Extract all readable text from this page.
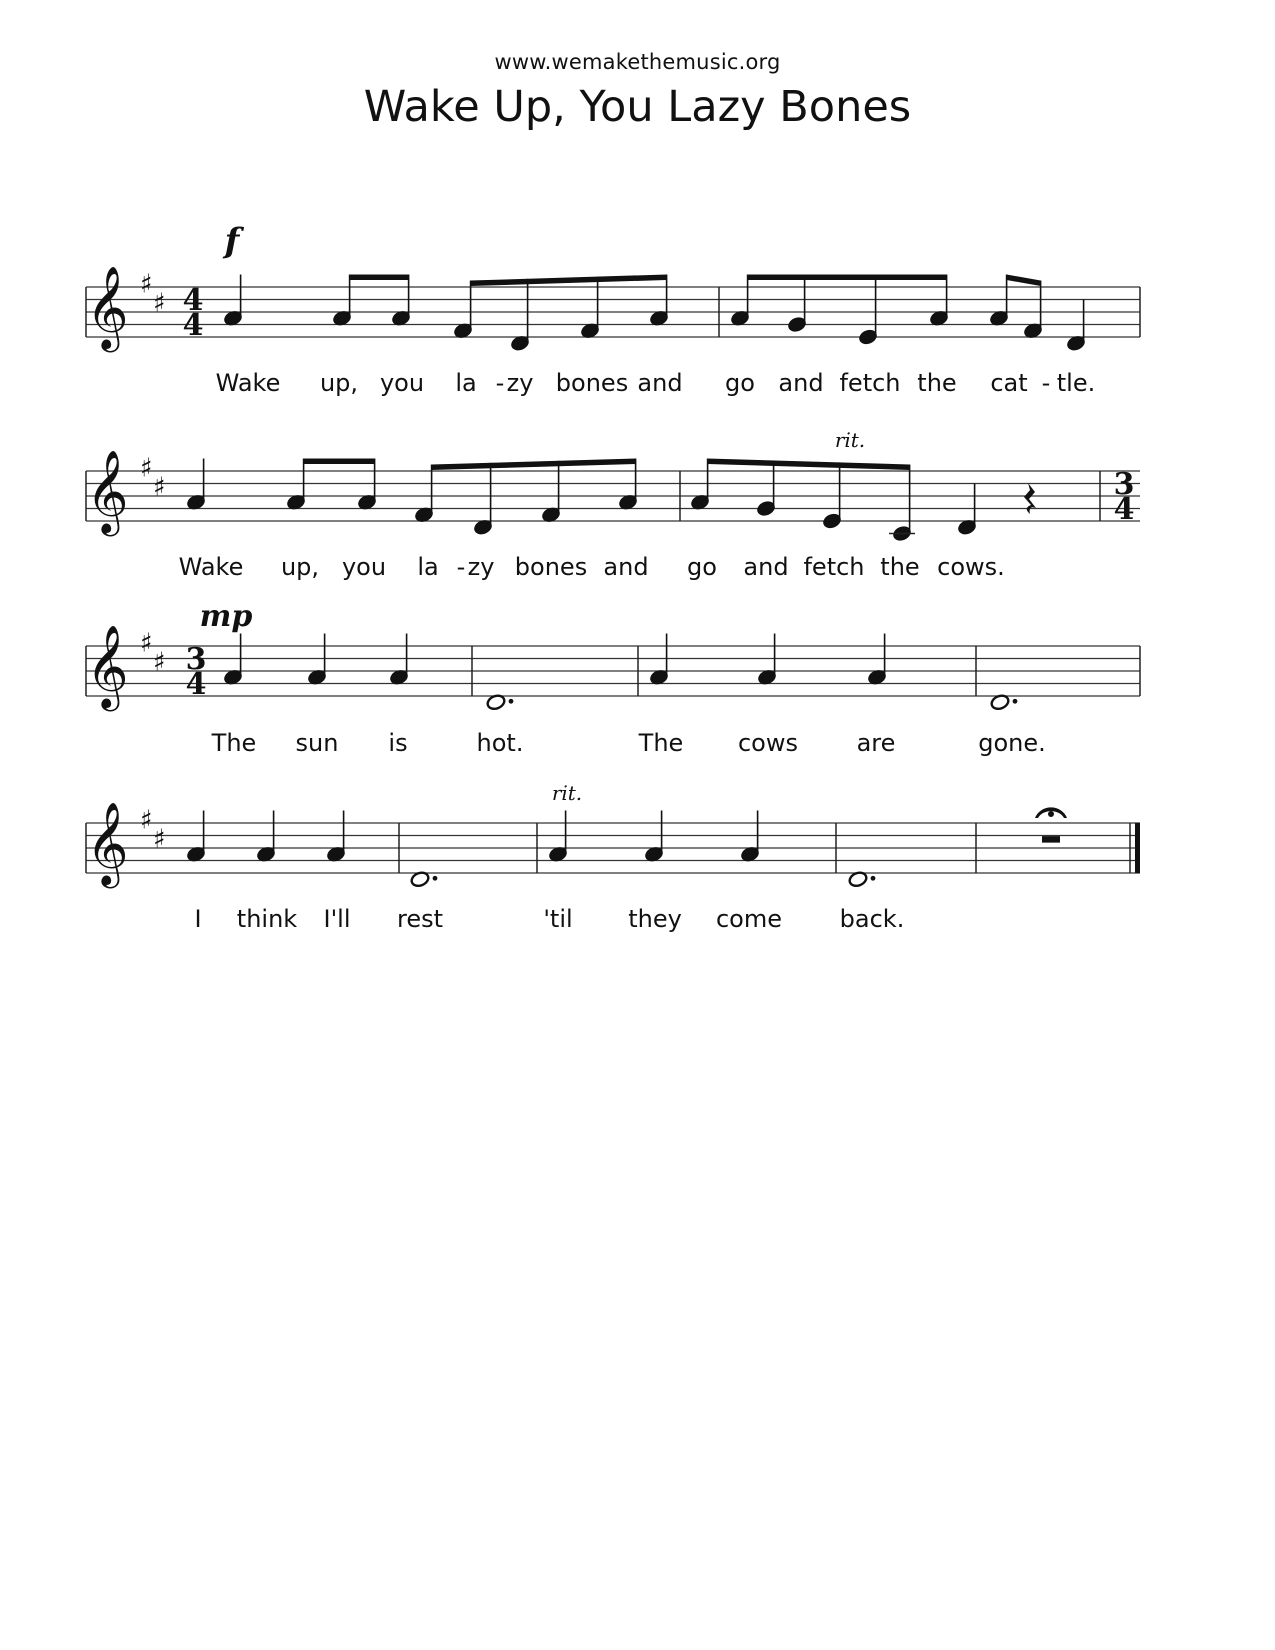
www.wemakethemusic.org
Wake Up, You Lazy Bones
𝄞 ♯
♯ 4
4
f
Wake up, you la - zy bones and go and fetch the cat - tle.
𝄞 ♯
♯	3
4
rit.
Wake up, you la - zy bones and go and fetch the cows.
𝄞 ♯
♯ 3
4
mp
The sun is	hot.	The cows are	gone.
𝄞 ♯
♯
rit.
I think I'll rest	'til they come back.
